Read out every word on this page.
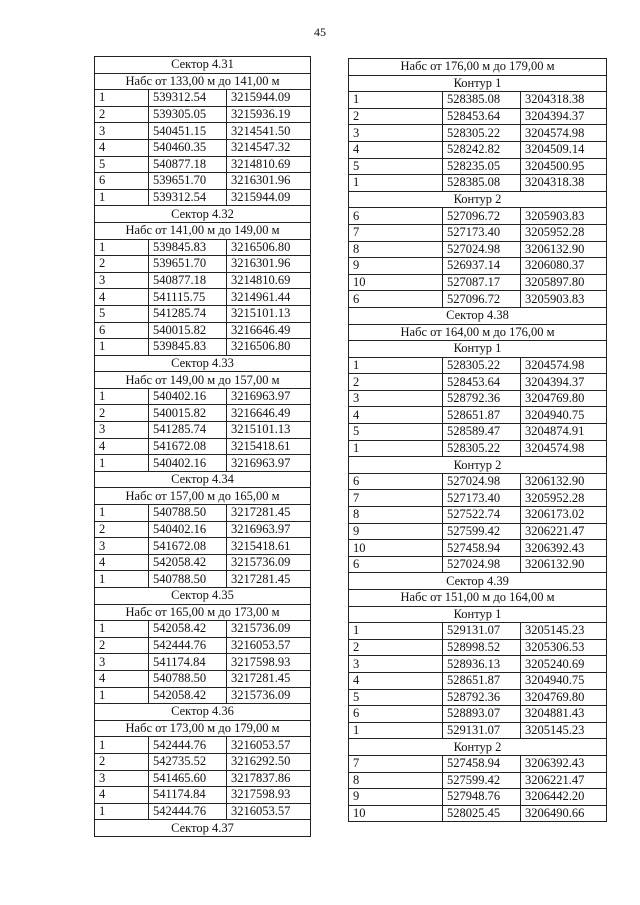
45
Сектор 4.31		
Набс от 133,00 м до 141,00 м		
1	539312.54	3215944.09
2	539305.05	3215936.19
3	540451.15	3214541.50
4	540460.35	3214547.32
5	540877.18	3214810.69
6	539651.70	3216301.96
1	539312.54	3215944.09
Сектор 4.32		
Набс от 141,00 м до 149,00 м		
1	539845.83	3216506.80
2	539651.70	3216301.96
3	540877.18	3214810.69
4	541115.75	3214961.44
5	541285.74	3215101.13
6	540015.82	3216646.49
1	539845.83	3216506.80
Сектор 4.33		
Набс от 149,00 м до 157,00 м		
1	540402.16	3216963.97
2	540015.82	3216646.49
3	541285.74	3215101.13
4	541672.08	3215418.61
1	540402.16	3216963.97
Сектор 4.34		
Набс от 157,00 м до 165,00 м		
1	540788.50	3217281.45
2	540402.16	3216963.97
3	541672.08	3215418.61
4	542058.42	3215736.09
1	540788.50	3217281.45
Сектор 4.35		
Набс от 165,00 м до 173,00 м		
1	542058.42	3215736.09
2	542444.76	3216053.57
3	541174.84	3217598.93
4	540788.50	3217281.45
1	542058.42	3215736.09
Сектор 4.36		
Набс от 173,00 м до 179,00 м		
1	542444.76	3216053.57
2	542735.52	3216292.50
3	541465.60	3217837.86
4	541174.84	3217598.93
1	542444.76	3216053.57
Сектор 4.37		
Набс от 176,00 м до 179,00 м		
Контур 1		
1	528385.08	3204318.38
2	528453.64	3204394.37
3	528305.22	3204574.98
4	528242.82	3204509.14
5	528235.05	3204500.95
1	528385.08	3204318.38
Контур 2		
6	527096.72	3205903.83
7	527173.40	3205952.28
8	527024.98	3206132.90
9	526937.14	3206080.37
10	527087.17	3205897.80
6	527096.72	3205903.83
Сектор 4.38		
Набс от 164,00 м до 176,00 м		
Контур 1		
1	528305.22	3204574.98
2	528453.64	3204394.37
3	528792.36	3204769.80
4	528651.87	3204940.75
5	528589.47	3204874.91
1	528305.22	3204574.98
Контур 2		
6	527024.98	3206132.90
7	527173.40	3205952.28
8	527522.74	3206173.02
9	527599.42	3206221.47
10	527458.94	3206392.43
6	527024.98	3206132.90
Сектор 4.39		
Набс от 151,00 м до 164,00 м		
Контур 1		
1	529131.07	3205145.23
2	528998.52	3205306.53
3	528936.13	3205240.69
4	528651.87	3204940.75
5	528792.36	3204769.80
6	528893.07	3204881.43
1	529131.07	3205145.23
Контур 2		
7	527458.94	3206392.43
8	527599.42	3206221.47
9	527948.76	3206442.20
10	528025.45	3206490.66
